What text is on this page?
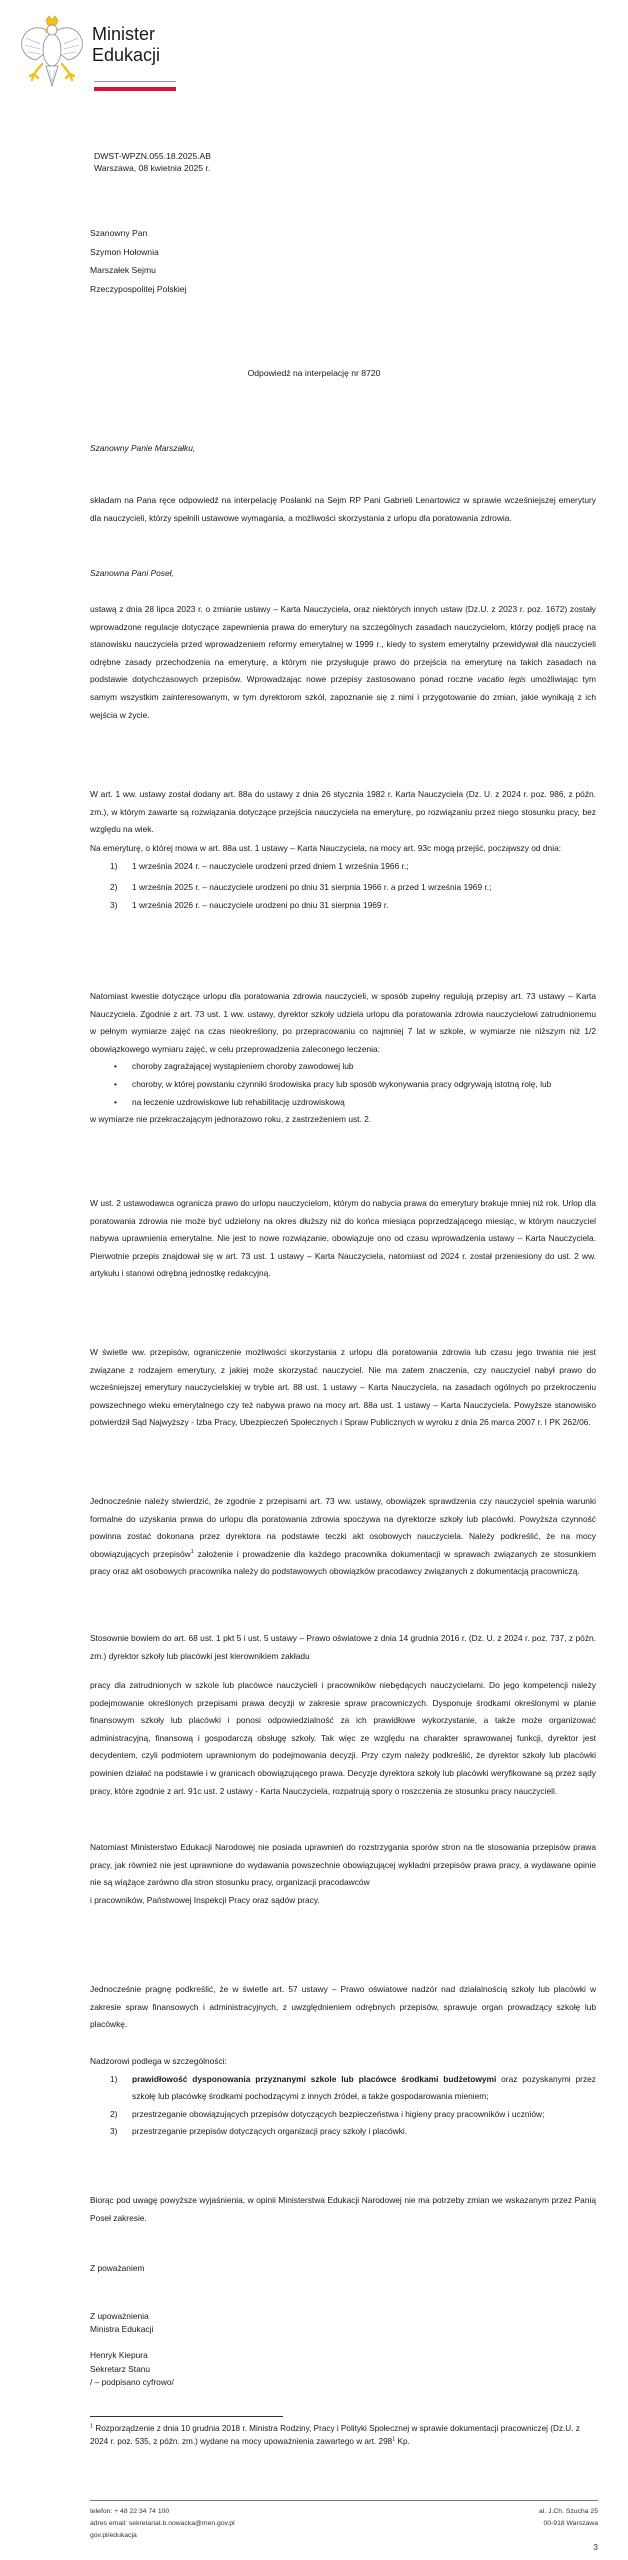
Minister
Edukacji
DWST-WPZN.055.18.2025.AB
Warszawa, 08 kwietnia 2025 r.
Szanowny Pan
Szymon Hołownia
Marszałek Sejmu
Rzeczypospolitej Polskiej
Odpowiedź na interpelację nr 8720
Szanowny Panie Marszałku,

składam na Pana ręce odpowiedź na interpelację Posłanki na Sejm RP Pani Gabrieli Lenartowicz w sprawie wcześniejszej emerytury dla nauczycieli, którzy spełnili ustawowe wymagania, a możliwości skorzystania z urlopu dla poratowania zdrowia.

Szanowna Pani Poseł,

ustawą z dnia 28 lipca 2023 r. o zmianie ustawy – Karta Nauczyciela, oraz niektórych innych ustaw (Dz.U. z 2023 r. poz. 1672) zostały wprowadzone regulacje dotyczące zapewnienia prawa do emerytury na szczególnych zasadach nauczycielom, którzy podjęli pracę na stanowisku nauczyciela przed wprowadzeniem reformy emerytalnej w 1999 r., kiedy to system emerytalny przewidywał dla nauczycieli odrębne zasady przechodzenia na emeryturę, a którym nie przysługuje prawo do przejścia na emeryturę na takich zasadach na podstawie dotychczasowych przepisów. Wprowadzając nowe przepisy zastosowano ponad roczne vacatio legis umożliwiając tym samym wszystkim zainteresowanym, w tym dyrektorom szkół, zapoznanie się z nimi i przygotowanie do zmian, jakie wynikają z ich wejścia w życie.

W art. 1 ww. ustawy został dodany art. 88a do ustawy z dnia 26 stycznia 1982 r. Karta Nauczyciela (Dz. U. z 2024 r. poz. 986, z późn. zm.), w którym zawarte są rozwiązania dotyczące przejścia nauczyciela na emeryturę, po rozwiązaniu przez niego stosunku pracy, bez względu na wiek.

Na emeryturę, o której mowa w art. 88a ust. 1 ustawy – Karta Nauczyciela, na mocy art. 93c mogą przejść, począwszy od dnia:

1) 1 września 2024 r. – nauczyciele urodzeni przed dniem 1 września 1966 r.;
2) 1 września 2025 r. – nauczyciele urodzeni po dniu 31 sierpnia 1966 r. a przed 1 września 1969 r.;
3) 1 września 2026 r. – nauczyciele urodzeni po dniu 31 sierpnia 1969 r.

Natomiast kwestie dotyczące urlopu dla poratowania zdrowia nauczycieli, w sposób zupełny regulują przepisy art. 73 ustawy – Karta Nauczyciela. Zgodnie z art. 73 ust. 1 ww. ustawy, dyrektor szkoły udziela urlopu dla poratowania zdrowia nauczycielowi zatrudnionemu w pełnym wymiarze zajęć na czas nieokreślony, po przepracowaniu co najmniej 7 lat w szkole, w wymiarze nie niższym niż 1/2 obowiązkowego wymiaru zajęć, w celu przeprowadzenia zaleconego leczenia:

• choroby zagrażającej wystąpieniem choroby zawodowej lub
• choroby, w której powstaniu czynniki środowiska pracy lub sposób wykonywania pracy odgrywają istotną rolę, lub
• na leczenie uzdrowiskowe lub rehabilitację uzdrowiskową

w wymiarze nie przekraczającym jednorazowo roku, z zastrzeżeniem ust. 2.

W ust. 2 ustawodawca ogranicza prawo do urlopu nauczycielom, którym do nabycia prawa do emerytury brakuje mniej niż rok. Urlop dla poratowania zdrowia nie może być udzielony na okres dłuższy niż do końca miesiąca poprzedzającego miesiąc, w którym nauczyciel nabywa uprawnienia emerytalne. Nie jest to nowe rozwiązanie, obowiązuje ono od czasu wprowadzenia ustawy – Karta Nauczyciela. Pierwotnie przepis znajdował się w art. 73 ust. 1 ustawy – Karta Nauczyciela, natomiast od 2024 r. został przeniesiony do ust. 2 ww. artykułu i stanowi odrębną jednostkę redakcyjną.

W świetle ww. przepisów, ograniczenie możliwości skorzystania z urlopu dla poratowania zdrowia lub czasu jego trwania nie jest związane z rodzajem emerytury, z jakiej może skorzystać nauczyciel. Nie ma zatem znaczenia, czy nauczyciel nabył prawo do wcześniejszej emerytury nauczycielskiej w trybie art. 88 ust. 1 ustawy – Karta Nauczyciela, na zasadach ogólnych po przekroczeniu powszechnego wieku emerytalnego czy też nabywa prawo na mocy art. 88a ust. 1 ustawy – Karta Nauczyciela. Powyższe stanowisko potwierdził Sąd Najwyższy - Izba Pracy, Ubezpieczeń Społecznych i Spraw Publicznych w wyroku z dnia 26 marca 2007 r. I PK 262/06.

Jednocześnie należy stwierdzić, że zgodnie z przepisami art. 73 ww. ustawy, obowiązek sprawdzenia czy nauczyciel spełnia warunki formalne do uzyskania prawa do urlopu dla poratowania zdrowia spoczywa na dyrektorze szkoły lub placówki. Powyższa czynność powinna zostać dokonana przez dyrektora na podstawie teczki akt osobowych nauczyciela. Należy podkreślić, że na mocy obowiązujących przepisów$^1$ założenie i prowadzenie dla każdego pracownika dokumentacji w sprawach związanych ze stosunkiem pracy oraz akt osobowych pracownika należy do podstawowych obowiązków pracodawcy związanych z dokumentacją pracowniczą.

Stosownie bowiem do art. 68 ust. 1 pkt 5 i ust. 5 ustawy – Prawo oświatowe z dnia 14 grudnia 2016 r. (Dz. U. z 2024 r. poz. 737, z późn. zm.) dyrektor szkoły lub placówki jest kierownikiem zakładu

pracy dla zatrudnionych w szkole lub placówce nauczycieli i pracowników niebędących nauczycielami. Do jego kompetencji należy podejmowanie określonych przepisami prawa decyzji w zakresie spraw pracowniczych. Dysponuje środkami określonymi w planie finansowym szkoły lub placówki i ponosi odpowiedzialność za ich prawidłowe wykorzystanie, a także może organizować administracyjną, finansową i gospodarczą obsługę szkoły. Tak więc ze względu na charakter sprawowanej funkcji, dyrektor jest decydentem, czyli podmiotem uprawnionym do podejmowania decyzji. Przy czym należy podkreślić, że dyrektor szkoły lub placówki powinien działać na podstawie i w granicach obowiązującego prawa. Decyzje dyrektora szkoły lub placówki weryfikowane są przez sądy pracy, które zgodnie z art. 91c ust. 2 ustawy - Karta Nauczyciela, rozpatrują spory o roszczenia ze stosunku pracy nauczycieli.

Natomiast Ministerstwo Edukacji Narodowej nie posiada uprawnień do rozstrzygania sporów stron na tle stosowania przepisów prawa pracy, jak również nie jest uprawnione do wydawania powszechnie obowiązującej wykładni przepisów prawa pracy, a wydawane opinie nie są wiążące zarówno dla stron stosunku pracy, organizacji pracodawców

i pracowników, Państwowej Inspekcji Pracy oraz sądów pracy.

Jednocześnie pragnę podkreślić, że w świetle art. 57 ustawy – Prawo oświatowe nadzór nad działalnością szkoły lub placówki w zakresie spraw finansowych i administracyjnych, z uwzględnieniem odrębnych przepisów, sprawuje organ prowadzący szkołę lub placówkę.

Nadzorowi podlega w szczególności:

1) prawidłowość dysponowania przyznanymi szkole lub placówce środkami budżetowymi oraz pozyskanymi przez szkołę lub placówkę środkami pochodzącymi z innych źródeł, a także gospodarowania mieniem;
2) przestrzeganie obowiązujących przepisów dotyczących bezpieczeństwa i higieny pracy pracowników i uczniów;
3) przestrzeganie przepisów dotyczących organizacji pracy szkoły i placówki.

Biorąc pod uwagę powyższe wyjaśnienia, w opinii Ministerstwa Edukacji Narodowej nie ma potrzeby zmian we wskazanym przez Panią Poseł zakresie.

Z poważaniem
Z upoważnienia
Ministra Edukacji
Henryk Kiepura
Sekretarz Stanu
/ – podpisano cyfrowo/
$^1$ Rozporządzenie z dnia 10 grudnia 2018 r. Ministra Rodziny, Pracy i Polityki Społecznej w sprawie dokumentacji pracowniczej (Dz.U. z 2024 r. poz. 535, z późn. zm.) wydane na mocy upoważnienia zawartego w art. $298^1$ Kp.
telefon: + 48 22 34 74 100
adres email: sekretariat.b.nowacka@men.gov.pl
gov.pl/edukacja
al. J.Ch. Szucha 25
00-918 Warszawa
3
